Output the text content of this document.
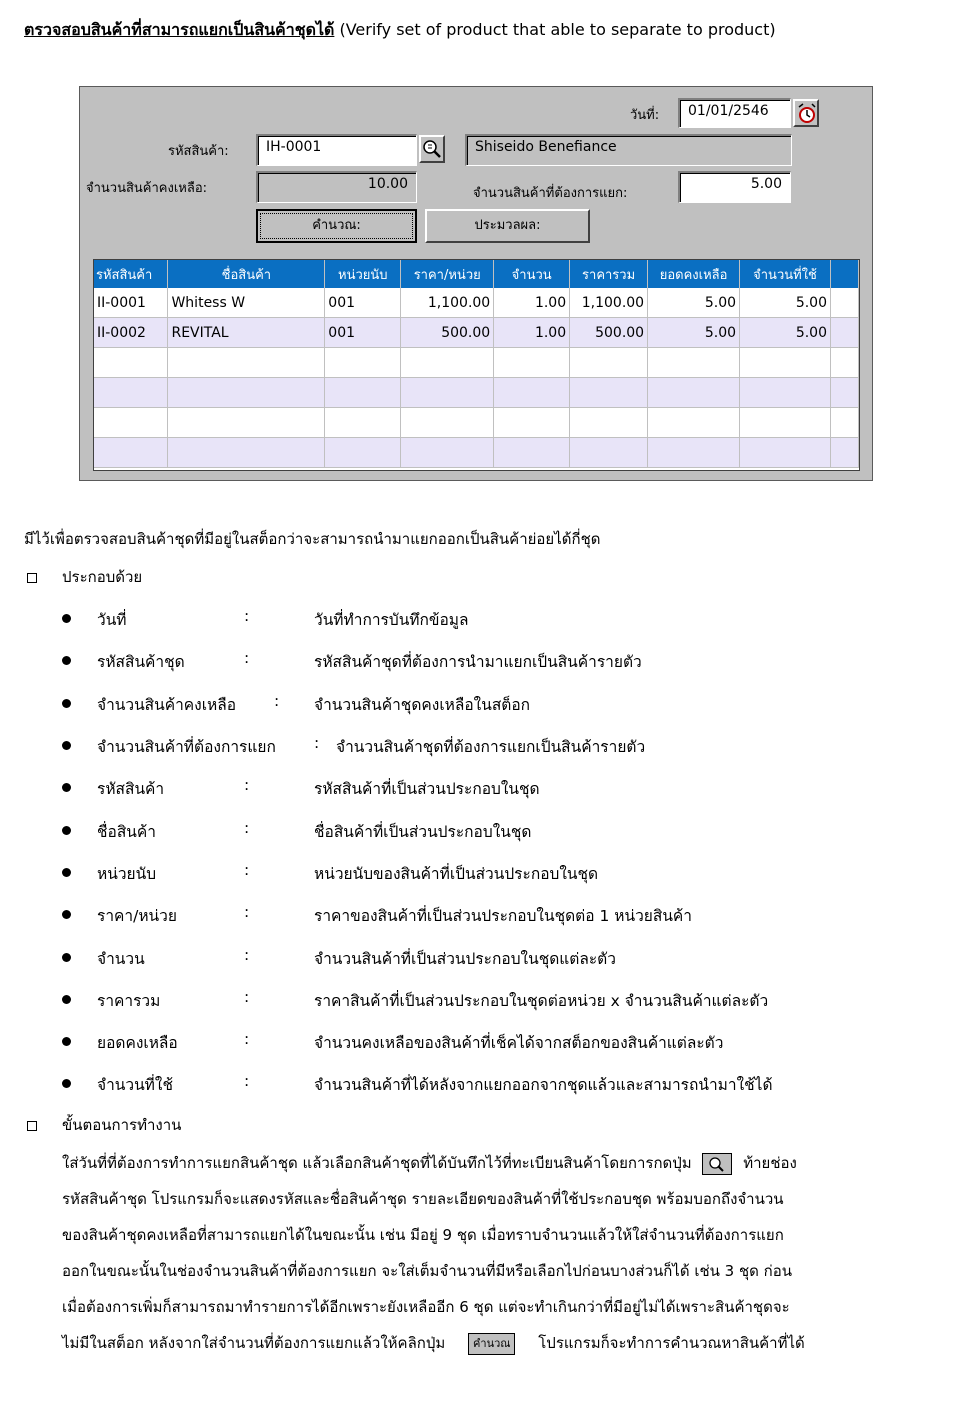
ตรวจสอบสินค้าที่สามารถแยกเป็นสินค้าชุดได้ (Verify set of product that able to separate to product)
วันที่:	01/01/2546
รหัสสินค้า:	IH-0001	Shiseido Benefiance
จำนวนสินค้าคงเหลือ:	10.00
จำนวนสินค้าที่ต้องการแยก:
5.00
คำนวณ:	ประมวลผล:
รหัสสินค้า	ชื่อสินค้า	หน่วยนับ	ราคา/หน่วย	จำนวน	ราคารวม	ยอดคงเหลือ	จำนวนที่ใช้	
II-0001	Whitess W	001	1,100.00	1.00	1,100.00	5.00	5.00	
II-0002	REVITAL	001	500.00	1.00	500.00	5.00	5.00	

มีไว้เพื่อตรวจสอบสินค้าชุดที่มีอยู่ในสต็อกว่าจะสามารถนำมาแยกออกเป็นสินค้าย่อยได้กี่ชุด
ประกอบด้วย
วันที่	:	วันที่ทำการบันทึกข้อมูล
รหัสสินค้าชุด	:	รหัสสินค้าชุดที่ต้องการนำมาแยกเป็นสินค้ารายตัว
จำนวนสินค้าคงเหลือ : จำนวนสินค้าชุดคงเหลือในสต็อก
จำนวนสินค้าที่ต้องการแยก : จำนวนสินค้าชุดที่ต้องการแยกเป็นสินค้ารายตัว
รหัสสินค้า	:	รหัสสินค้าที่เป็นส่วนประกอบในชุด
ชื่อสินค้า	:	ชื่อสินค้าที่เป็นส่วนประกอบในชุด
หน่วยนับ	:	หน่วยนับของสินค้าที่เป็นส่วนประกอบในชุด
ราคา/หน่วย	:	ราคาของสินค้าที่เป็นส่วนประกอบในชุดต่อ 1 หน่วยสินค้า
จำนวน	:	จำนวนสินค้าที่เป็นส่วนประกอบในชุดแต่ละตัว
ราคารวม	:	ราคาสินค้าที่เป็นส่วนประกอบในชุดต่อหน่วย x จำนวนสินค้าแต่ละตัว
ยอดคงเหลือ	:	จำนวนคงเหลือของสินค้าที่เช็คได้จากสต็อกของสินค้าแต่ละตัว
จำนวนที่ใช้	:	จำนวนสินค้าที่ได้หลังจากแยกออกจากชุดแล้วและสามารถนำมาใช้ได้
ขั้นตอนการทำงาน
ใส่วันที่ที่ต้องการทำการแยกสินค้าชุด แล้วเลือกสินค้าชุดที่ได้บันทึกไว้ที่ทะเบียนสินค้าโดยการกดปุ่ม	ท้ายช่อง
รหัสสินค้าชุด โปรแกรมก็จะแสดงรหัสและชื่อสินค้าชุด รายละเอียดของสินค้าที่ใช้ประกอบชุด พร้อมบอกถึงจำนวน
ของสินค้าชุดคงเหลือที่สามารถแยกได้ในขณะนั้น เช่น มีอยู่ 9 ชุด เมื่อทราบจำนวนแล้วให้ใส่จำนวนที่ต้องการแยก
ออกในขณะนั้นในช่องจำนวนสินค้าที่ต้องการแยก จะใส่เต็มจำนวนที่มีหรือเลือกไปก่อนบางส่วนก็ได้ เช่น 3 ชุด ก่อน
เมื่อต้องการเพิ่มก็สามารถมาทำรายการได้อีกเพราะยังเหลืออีก 6 ชุด แต่จะทำเกินกว่าที่มีอยู่ไม่ได้เพราะสินค้าชุดจะ
ไม่มีในสต็อก หลังจากใส่จำนวนที่ต้องการแยกแล้วให้คลิกปุ่ม	คำนวณ โปรแกรมก็จะทำการคำนวณหาสินค้าที่ได้
